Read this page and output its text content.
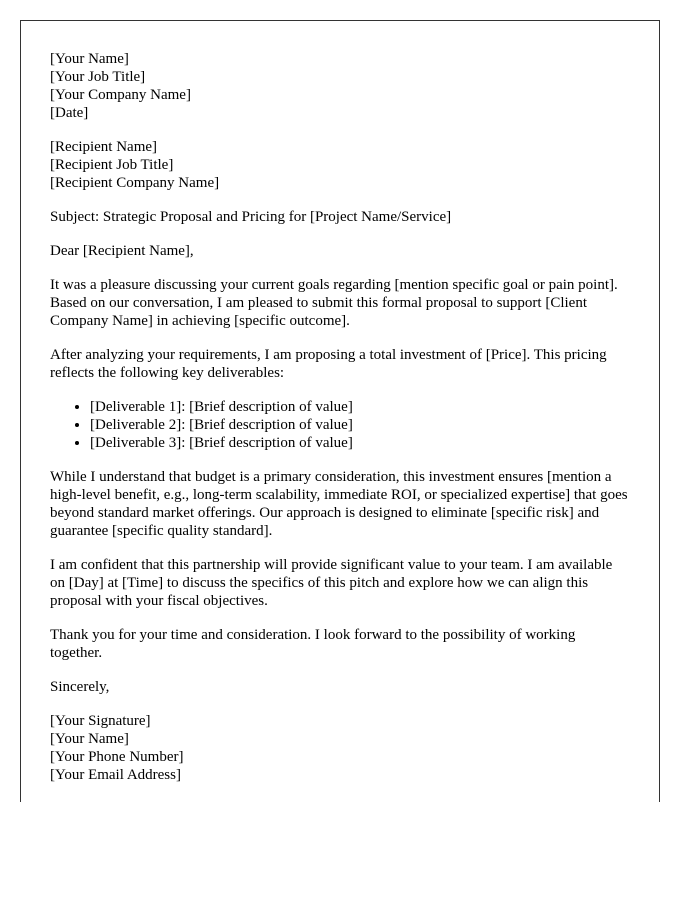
[Your Name]
[Your Job Title]
[Your Company Name]
[Date]
[Recipient Name]
[Recipient Job Title]
[Recipient Company Name]

Subject: Strategic Proposal and Pricing for [Project Name/Service]

Dear [Recipient Name],

It was a pleasure discussing your current goals regarding [mention specific goal or pain point]. Based on our conversation, I am pleased to submit this formal proposal to support [Client Company Name] in achieving [specific outcome].

After analyzing your requirements, I am proposing a total investment of [Price]. This pricing reflects the following key deliverables:

• [Deliverable 1]: [Brief description of value]
• [Deliverable 2]: [Brief description of value]
• [Deliverable 3]: [Brief description of value]

While I understand that budget is a primary consideration, this investment ensures [mention a high-level benefit, e.g., long-term scalability, immediate ROI, or specialized expertise] that goes beyond standard market offerings. Our approach is designed to eliminate [specific risk] and guarantee [specific quality standard].

I am confident that this partnership will provide significant value to your team. I am available on [Day] at [Time] to discuss the specifics of this pitch and explore how we can align this proposal with your fiscal objectives.

Thank you for your time and consideration. I look forward to the possibility of working together.

Sincerely,

[Your Signature]
[Your Name]
[Your Phone Number]
[Your Email Address]
